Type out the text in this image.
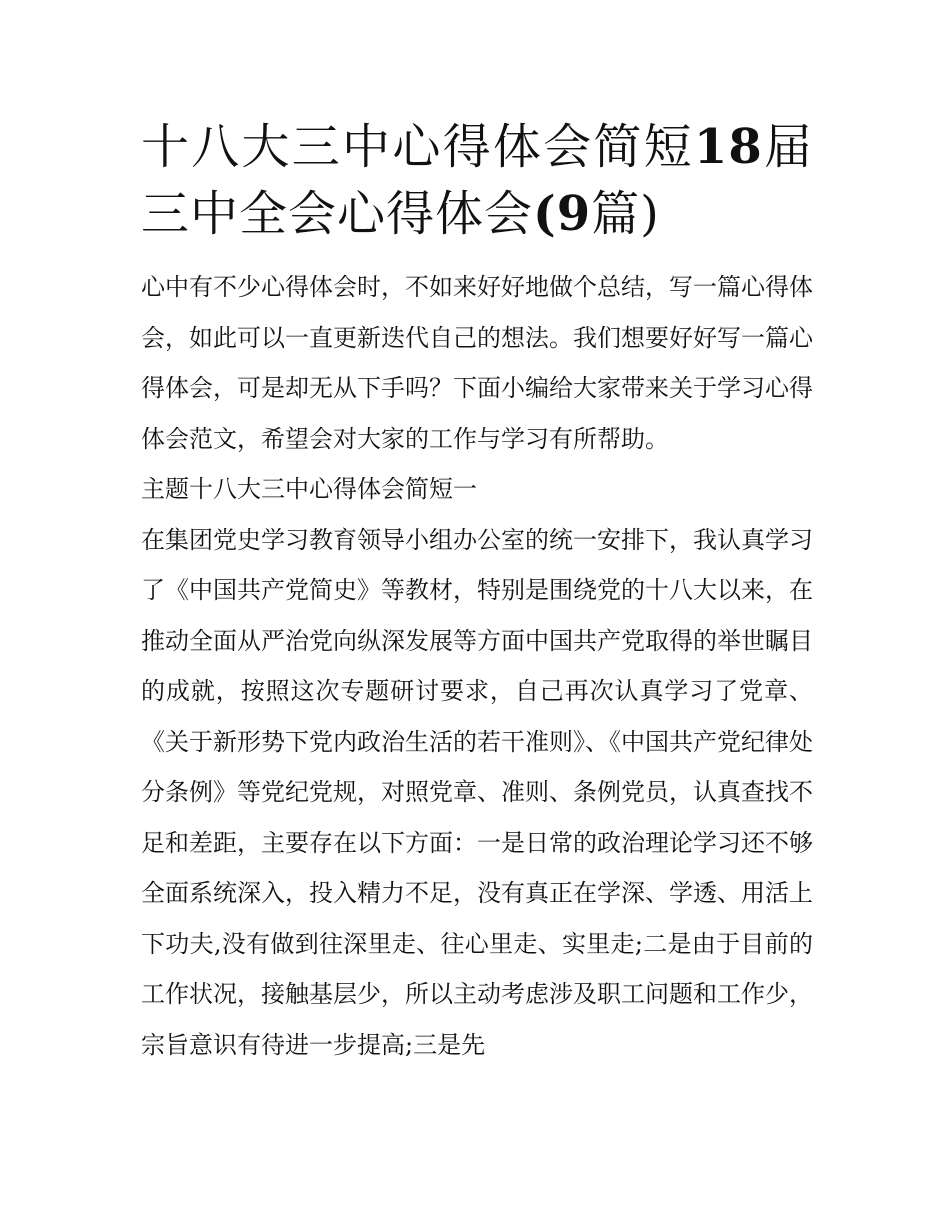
十八大三中心得体会简短18届三中全会心得体会(9篇)

心中有不少心得体会时，不如来好好地做个总结，写一篇心得体会，如此可以一直更新迭代自己的想法。我们想要好好写一篇心得体会，可是却无从下手吗？下面小编给大家带来关于学习心得体会范文，希望会对大家的工作与学习有所帮助。

主题十八大三中心得体会简短一

在集团党史学习教育领导小组办公室的统一安排下，我认真学习了《中国共产党简史》等教材，特别是围绕党的十八大以来，在推动全面从严治党向纵深发展等方面中国共产党取得的举世瞩目的成就，按照这次专题研讨要求，自己再次认真学习了党章、《关于新形势下党内政治生活的若干准则》、《中国共产党纪律处分条例》等党纪党规，对照党章、准则、条例党员，认真查找不足和差距，主要存在以下方面：一是日常的政治理论学习还不够全面系统深入，投入精力不足，没有真正在学深、学透、用活上下功夫,没有做到往深里走、往心里走、实里走;二是由于目前的工作状况，接触基层少，所以主动考虑涉及职工问题和工作少，宗旨意识有待进一步提高;三是先
